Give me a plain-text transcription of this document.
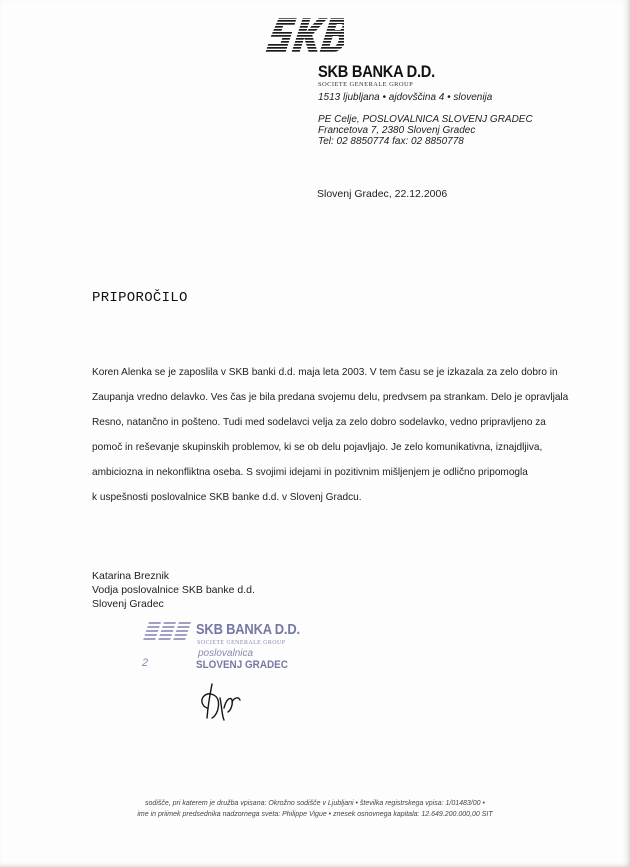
SKB BANKA D.D.
SOCIETE GENERALE GROUP
1513 ljubljana • ajdovščina 4 • slovenija
PE Celje, POSLOVALNICA SLOVENJ GRADEC
Francetova 7, 2380 Slovenj Gradec
Tel: 02 8850774 fax: 02 8850778
Slovenj Gradec, 22.12.2006
PRIPOROČILO
Koren Alenka se je zaposlila v SKB banki d.d. maja leta 2003. V tem času se je izkazala za zelo dobro in
Zaupanja vredno delavko. Ves čas je bila predana svojemu delu, predvsem pa strankam. Delo je opravljala
Resno, natančno in pošteno. Tudi med sodelavci velja za zelo dobro sodelavko, vedno pripravljeno za
pomoč in reševanje skupinskih problemov, ki se ob delu pojavljajo. Je zelo komunikativna, iznajdljiva,
ambiciozna in nekonfliktna oseba. S svojimi idejami in pozitivnim mišljenjem je odlično pripomogla
k uspešnosti poslovalnice SKB banke d.d. v Slovenj Gradcu.
Katarina Breznik
Vodja poslovalnice SKB banke d.d.
Slovenj Gradec
SKB BANKA D.D.
SOCIETE GENERALE GROUP
poslovalnica
SLOVENJ GRADEC
2
sodišče, pri katerem je družba vpisana: Okrožno sodišče v Ljubljani • številka registrskega vpisa: 1/01483/00 •
ime in priimek predsednika nadzornega sveta: Philippe Vigue • znesek osnovnega kapitala: 12.649.200.000,00 SIT
